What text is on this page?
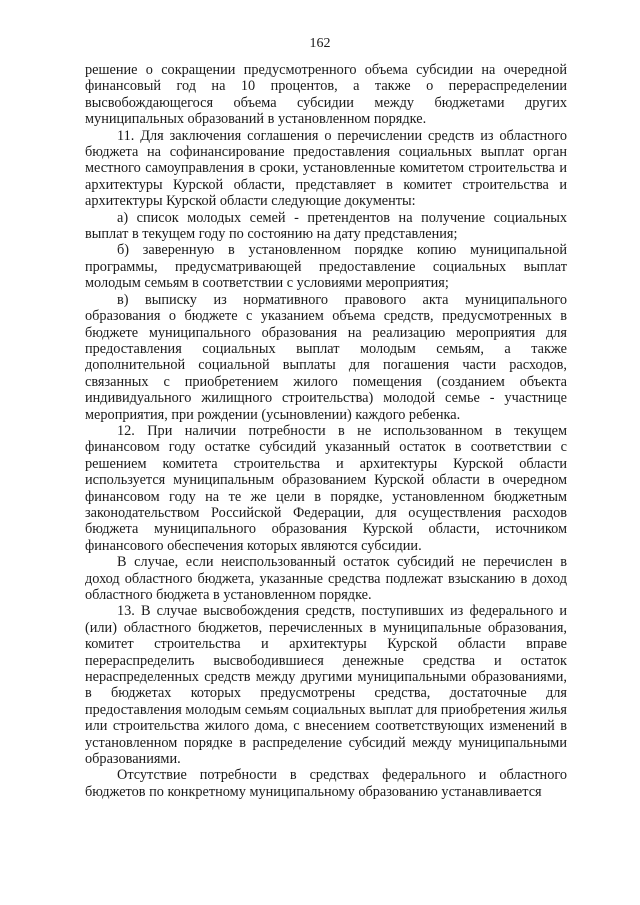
162

решение о сокращении предусмотренного объема субсидии на очередной финансовый год на 10 процентов, а также о перераспределении высвобождающегося объема субсидии между бюджетами других муниципальных образований в установленном порядке.

11. Для заключения соглашения о перечислении средств из областного бюджета на софинансирование предоставления социальных выплат орган местного самоуправления в сроки, установленные комитетом строительства и архитектуры Курской области, представляет в комитет строительства и архитектуры Курской области следующие документы:

а) список молодых семей - претендентов на получение социальных выплат в текущем году по состоянию на дату представления;

б) заверенную в установленном порядке копию муниципальной программы, предусматривающей предоставление социальных выплат молодым семьям в соответствии с условиями мероприятия;

в) выписку из нормативного правового акта муниципального образования о бюджете с указанием объема средств, предусмотренных в бюджете муниципального образования на реализацию мероприятия для предоставления социальных выплат молодым семьям, а также дополнительной социальной выплаты для погашения части расходов, связанных с приобретением жилого помещения (созданием объекта индивидуального жилищного строительства) молодой семье - участнице мероприятия, при рождении (усыновлении) каждого ребенка.

12. При наличии потребности в не использованном в текущем финансовом году остатке субсидий указанный остаток в соответствии с решением комитета строительства и архитектуры Курской области используется муниципальным образованием Курской области в очередном финансовом году на те же цели в порядке, установленном бюджетным законодательством Российской Федерации, для осуществления расходов бюджета муниципального образования Курской области, источником финансового обеспечения которых являются субсидии.

В случае, если неиспользованный остаток субсидий не перечислен в доход областного бюджета, указанные средства подлежат взысканию в доход областного бюджета в установленном порядке.

13. В случае высвобождения средств, поступивших из федерального и (или) областного бюджетов, перечисленных в муниципальные образования, комитет строительства и архитектуры Курской области вправе перераспределить высвободившиеся денежные средства и остаток нераспределенных средств между другими муниципальными образованиями, в бюджетах которых предусмотрены средства, достаточные для предоставления молодым семьям социальных выплат для приобретения жилья или строительства жилого дома, с внесением соответствующих изменений в установленном порядке в распределение субсидий между муниципальными образованиями.

Отсутствие потребности в средствах федерального и областного бюджетов по конкретному муниципальному образованию устанавливается
